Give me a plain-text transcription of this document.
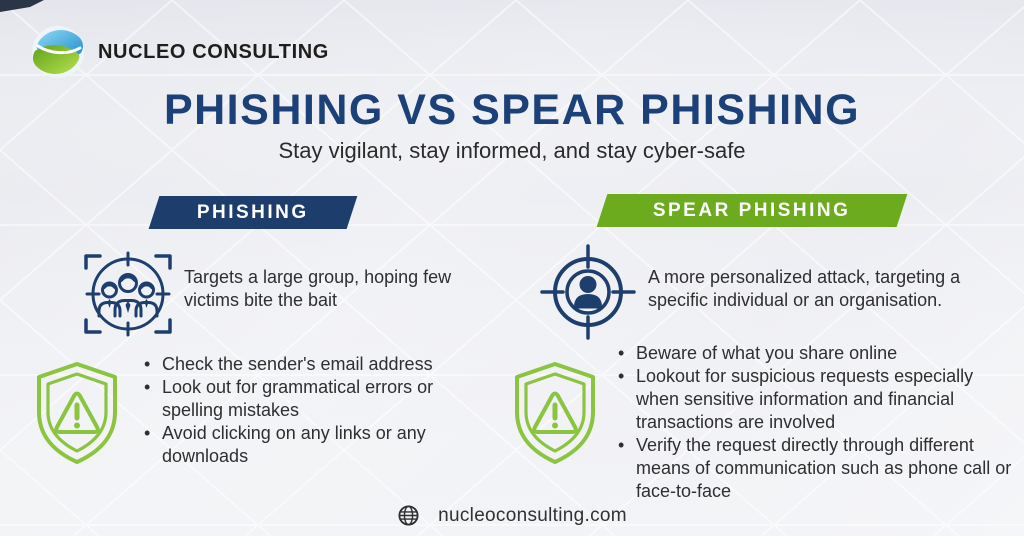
NUCLEO CONSULTING
PHISHING VS SPEAR PHISHING
Stay vigilant, stay informed, and stay cyber-safe
PHISHING	SPEAR PHISHING

Targets a large group, hoping few victims bite the bait

A more personalized attack, targeting a specific individual or an organisation.

• Check the sender's email address
• Look out for grammatical errors or spelling mistakes
• Avoid clicking on any links or any downloads
• Beware of what you share online
• Lookout for suspicious requests especially when sensitive information and financial transactions are involved
• Verify the request directly through different means of communication such as phone call or face-to-face
nucleoconsulting.com
